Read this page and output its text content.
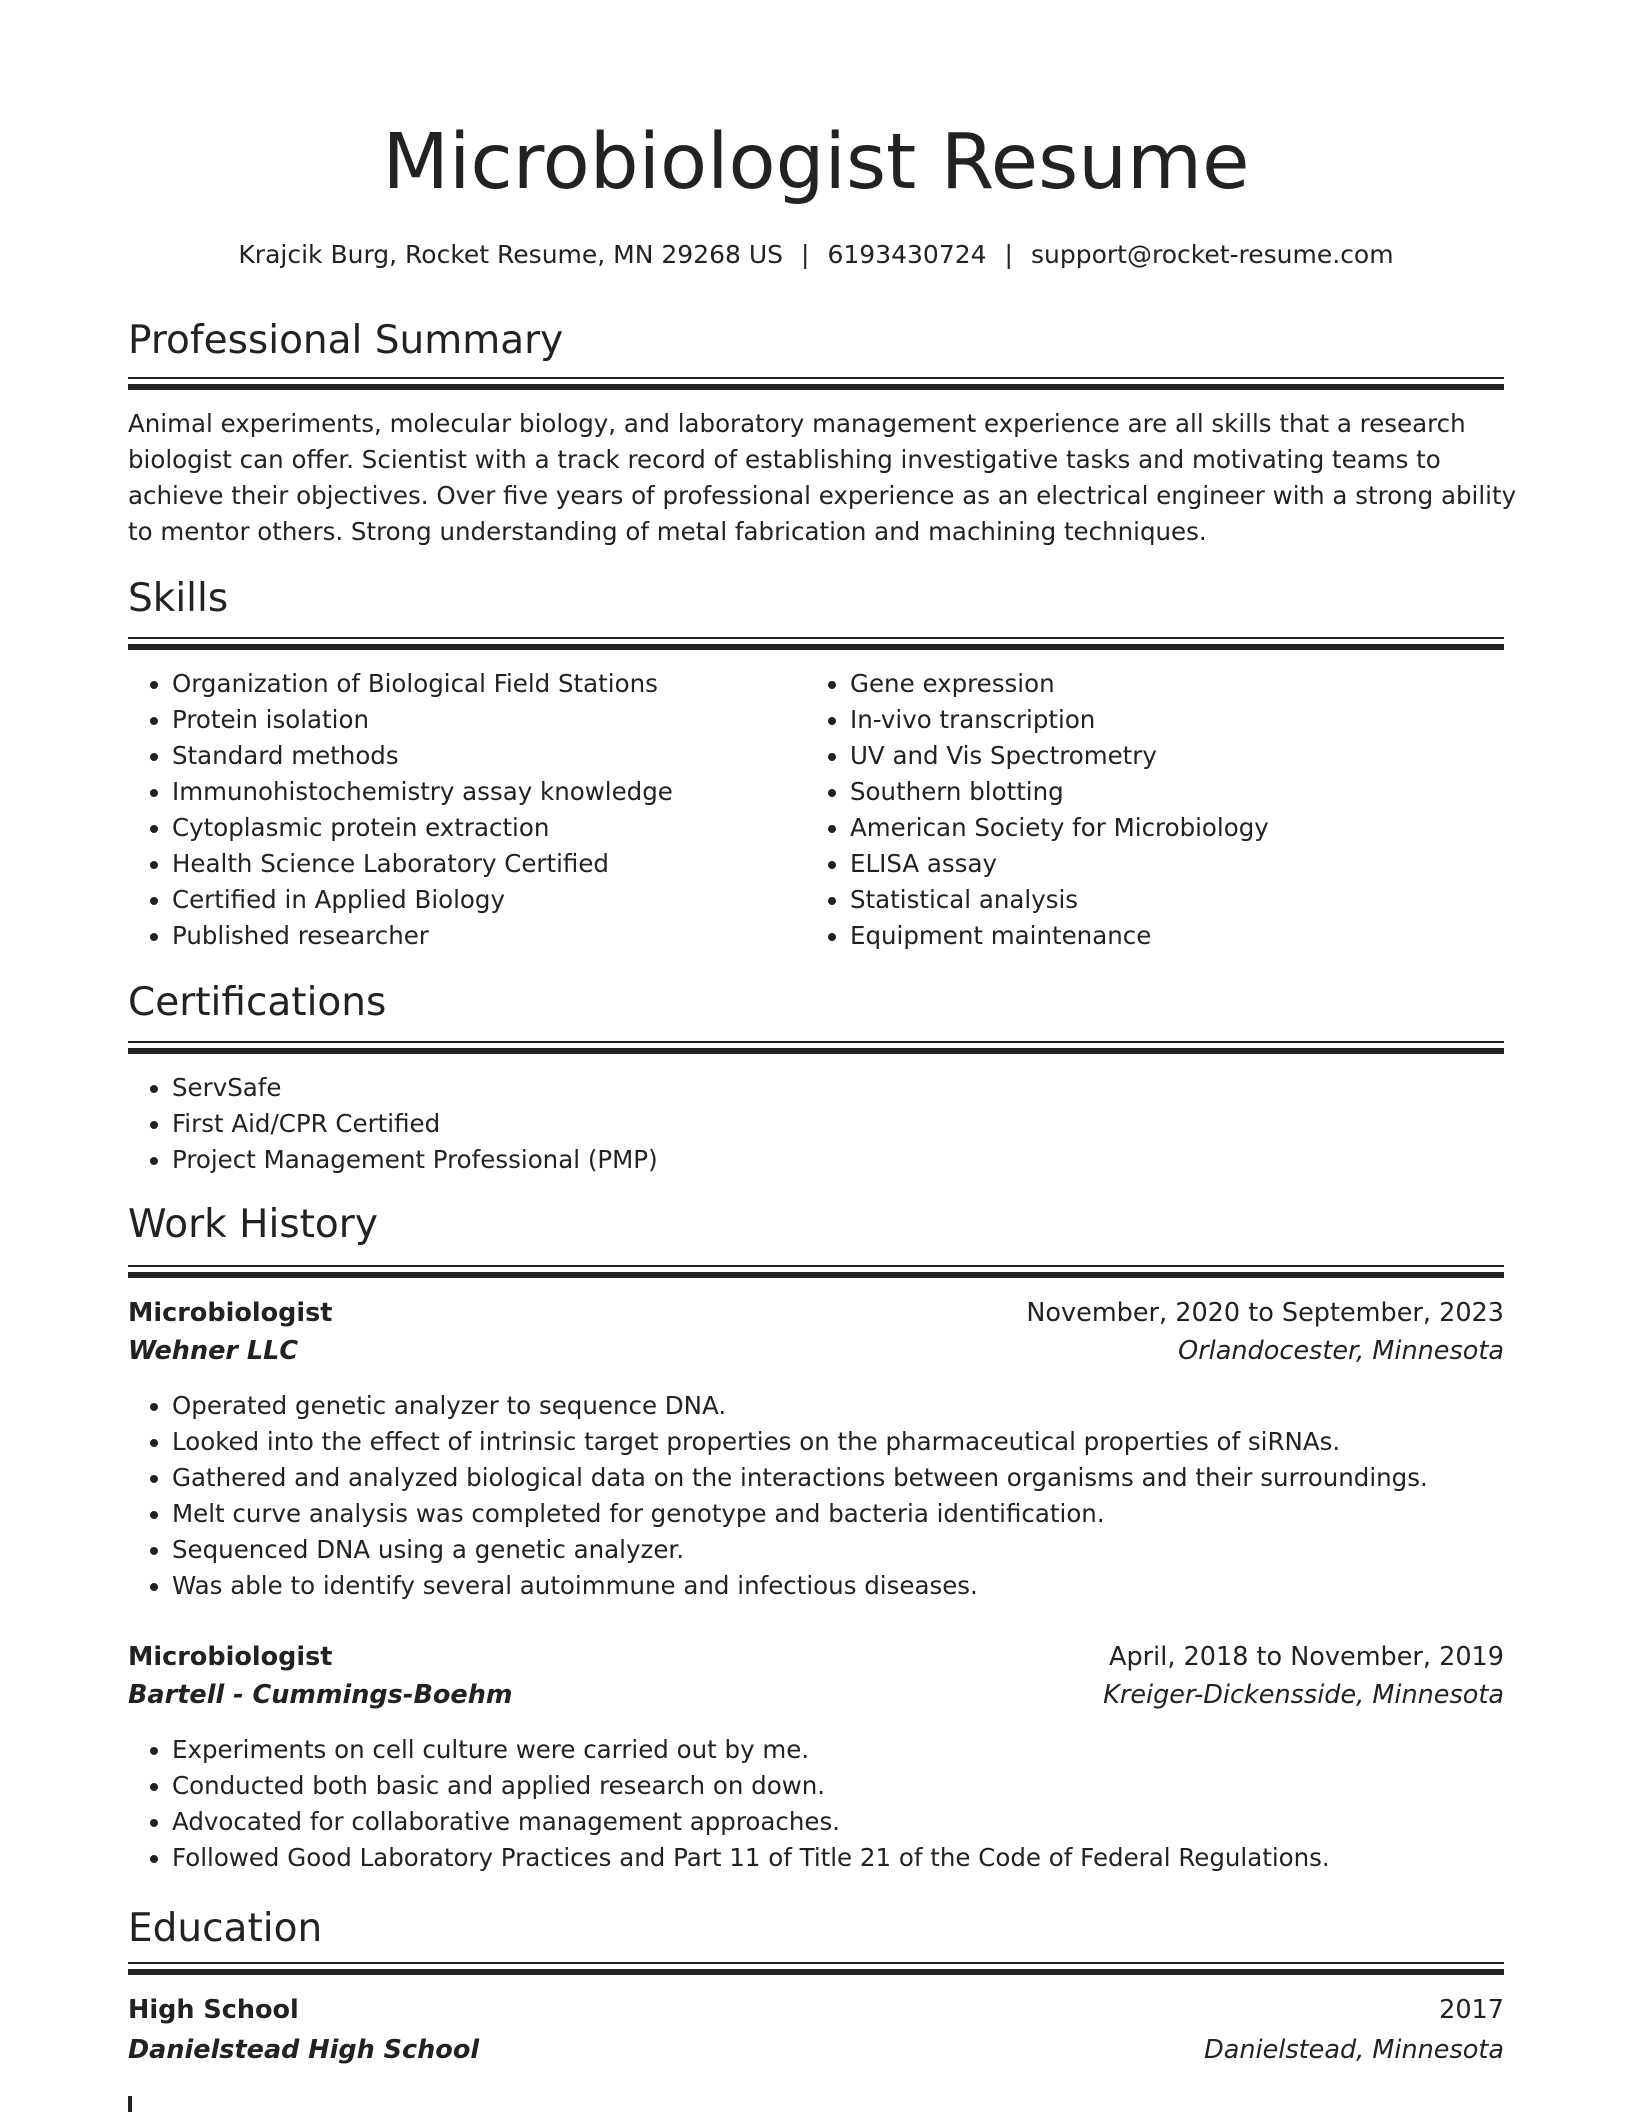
Microbiologist Resume
Krajcik Burg, Rocket Resume, MN 29268 US | 6193430724 | support@rocket-resume.com
Professional Summary

Animal experiments, molecular biology, and laboratory management experience are all skills that a research biologist can offer. Scientist with a track record of establishing investigative tasks and motivating teams to achieve their objectives. Over five years of professional experience as an electrical engineer with a strong ability to mentor others. Strong understanding of metal fabrication and machining techniques.

Skills
• Organization of Biological Field Stations
• Protein isolation
• Standard methods
• Immunohistochemistry assay knowledge
• Cytoplasmic protein extraction
• Health Science Laboratory Certified
• Certified in Applied Biology
• Published researcher
• Gene expression
• In-vivo transcription
• UV and Vis Spectrometry
• Southern blotting
• American Society for Microbiology
• ELISA assay
• Statistical analysis
• Equipment maintenance
Certifications
• ServSafe
• First Aid/CPR Certified
• Project Management Professional (PMP)
Work History
Microbiologist	November, 2020 to September, 2023
Wehner LLC	Orlandocester, Minnesota
• Operated genetic analyzer to sequence DNA.
• Looked into the effect of intrinsic target properties on the pharmaceutical properties of siRNAs.
• Gathered and analyzed biological data on the interactions between organisms and their surroundings.
• Melt curve analysis was completed for genotype and bacteria identification.
• Sequenced DNA using a genetic analyzer.
• Was able to identify several autoimmune and infectious diseases.
Microbiologist	April, 2018 to November, 2019
Bartell - Cummings-Boehm	Kreiger-Dickensside, Minnesota
• Experiments on cell culture were carried out by me.
• Conducted both basic and applied research on down.
• Advocated for collaborative management approaches.
• Followed Good Laboratory Practices and Part 11 of Title 21 of the Code of Federal Regulations.
Education
High School	2017
Danielstead High School	Danielstead, Minnesota
